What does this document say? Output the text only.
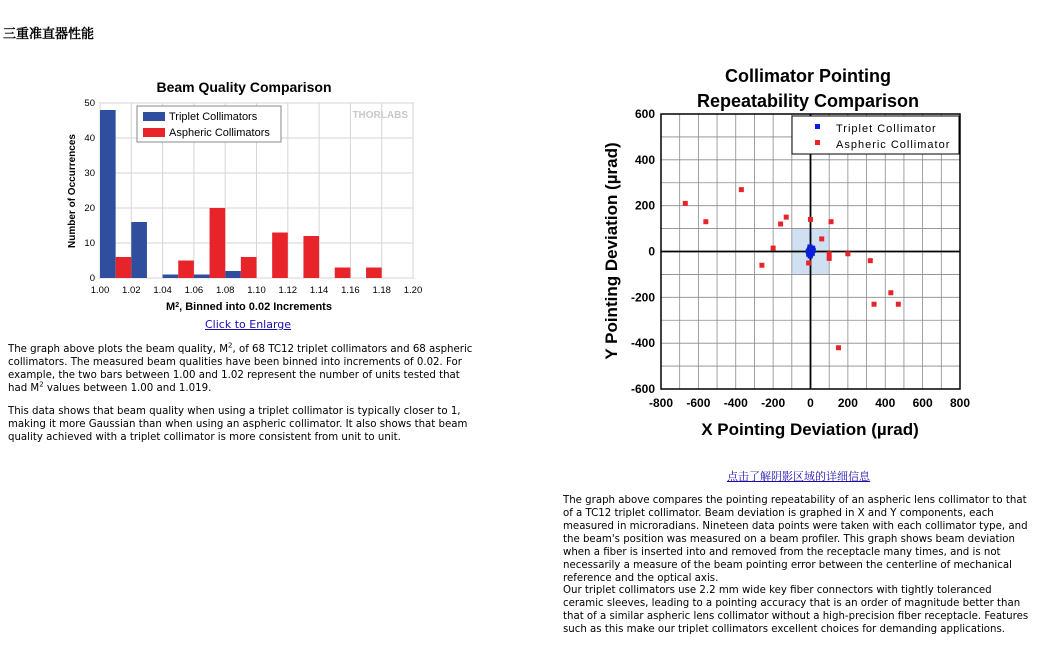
三重准直器性能
1.00 1.02 1.04 1.06 1.08 1.10 1.12 1.14 1.16 1.18 1.20
0
10
20
30
40
50
Beam Quality Comparison
THORLABS
Triplet Collimators
Aspheric Collimators
Number of Occurrences
$M^2$, Binned into 0.02 Increments
Click to Enlarge

The graph above plots the beam quality, $M^2$, of 68 TC12 triplet collimators and 68 aspheric collimators. The measured beam qualities have been binned into increments of 0.02. For example, the two bars between 1.00 and 1.02 represent the number of units tested that had $M^2$ values between 1.00 and 1.019.

This data shows that beam quality when using a triplet collimator is typically closer to 1, making it more Gaussian than when using an aspheric collimator. It also shows that beam quality achieved with a triplet collimator is more consistent from unit to unit.

Collimator Pointing
Repeatability Comparison
-800 -600 -400 -200 0 200 400 600 800
-600
-400
-200
0
200
400
600
Triplet Collimator
Aspheric Collimator
Y Pointing Deviation (µrad)
X Pointing Deviation (µrad)
点击了解阴影区域的详细信息

The graph above compares the pointing repeatability of an aspheric lens collimator to that of a TC12 triplet collimator. Beam deviation is graphed in X and Y components, each measured in microradians. Nineteen data points were taken with each collimator type, and the beam's position was measured on a beam profiler. This graph shows beam deviation when a fiber is inserted into and removed from the receptacle many times, and is not necessarily a measure of the beam pointing error between the centerline of mechanical reference and the optical axis.

Our triplet collimators use 2.2 mm wide key fiber connectors with tightly toleranced ceramic sleeves, leading to a pointing accuracy that is an order of magnitude better than that of a similar aspheric lens collimator without a high-precision fiber receptacle. Features such as this make our triplet collimators excellent choices for demanding applications.
